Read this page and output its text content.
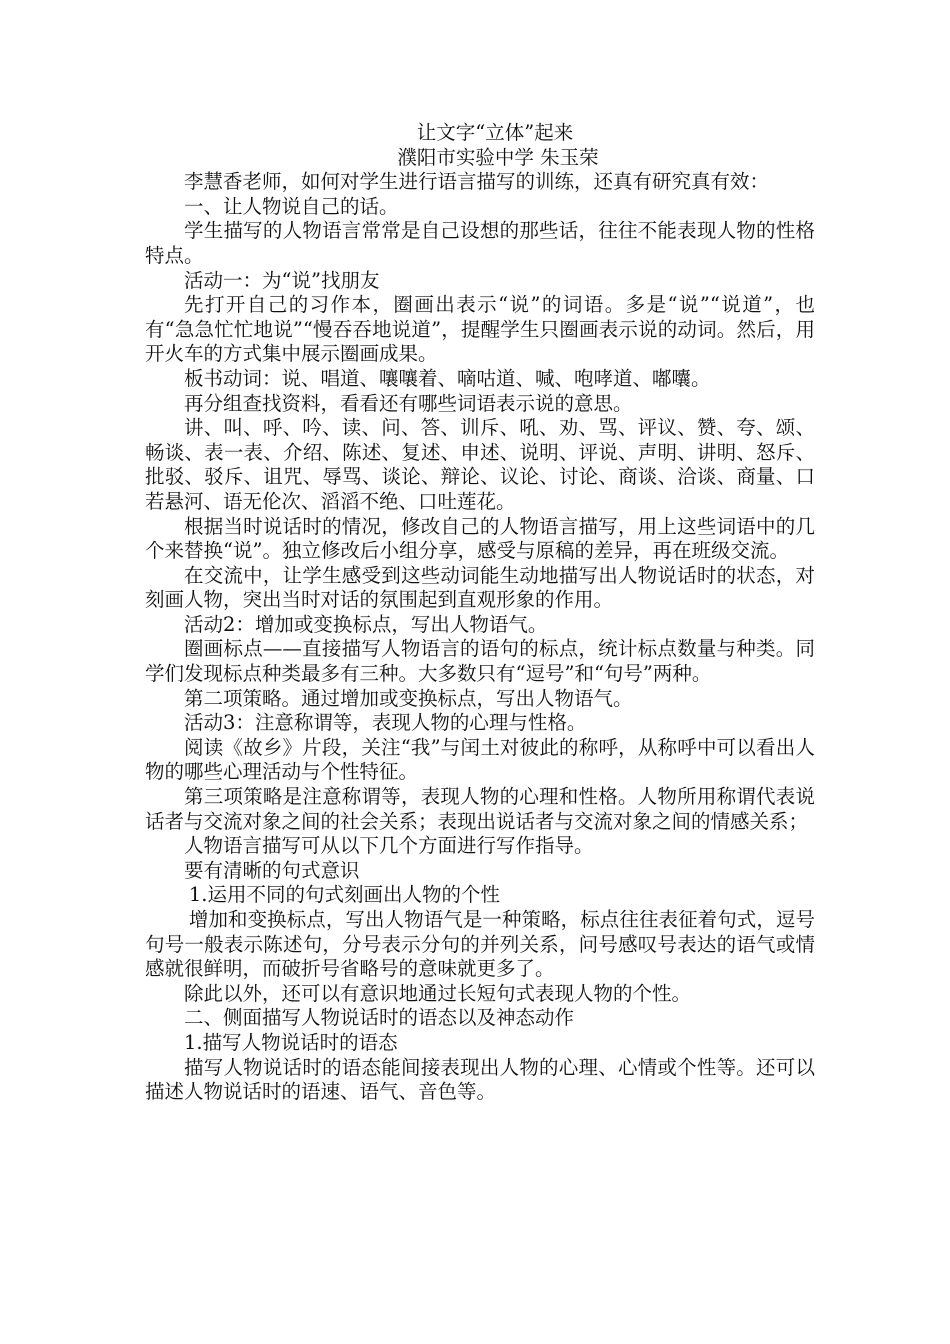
让文字“立体”起来
濮阳市实验中学 朱玉荣

李慧香老师，如何对学生进行语言描写的训练，还真有研究真有效：

一、让人物说自己的话。

学生描写的人物语言常常是自己设想的那些话，往往不能表现人物的性格特点。

活动一：为“说”找朋友

先打开自己的习作本，圈画出表示“说”的词语。多是“说”“说道”，也有“急急忙忙地说”“慢吞吞地说道”，提醒学生只圈画表示说的动词。然后，用开火车的方式集中展示圈画成果。

板书动词：说、唱道、嚷嚷着、嘀咕道、喊、咆哮道、嘟囔。

再分组查找资料，看看还有哪些词语表示说的意思。

讲、叫、呼、吟、读、问、答、训斥、吼、劝、骂、评议、赞、夸、颂、畅谈、表一表、介绍、陈述、复述、申述、说明、评说、声明、讲明、怒斥、批驳、驳斥、诅咒、辱骂、谈论、辩论、议论、讨论、商谈、洽谈、商量、口若悬河、语无伦次、滔滔不绝、口吐莲花。

根据当时说话时的情况，修改自己的人物语言描写，用上这些词语中的几个来替换“说”。独立修改后小组分享，感受与原稿的差异，再在班级交流。

在交流中，让学生感受到这些动词能生动地描写出人物说话时的状态，对刻画人物，突出当时对话的氛围起到直观形象的作用。

活动2：增加或变换标点，写出人物语气。

圈画标点——直接描写人物语言的语句的标点，统计标点数量与种类。同学们发现标点种类最多有三种。大多数只有“逗号”和“句号”两种。

第二项策略。通过增加或变换标点，写出人物语气。

活动3：注意称谓等，表现人物的心理与性格。

阅读《故乡》片段，关注“我”与闰土对彼此的称呼，从称呼中可以看出人物的哪些心理活动与个性特征。

第三项策略是注意称谓等，表现人物的心理和性格。人物所用称谓代表说话者与交流对象之间的社会关系；表现出说话者与交流对象之间的情感关系；

人物语言描写可从以下几个方面进行写作指导。

要有清晰的句式意识

1.运用不同的句式刻画出人物的个性

增加和变换标点，写出人物语气是一种策略，标点往往表征着句式，逗号句号一般表示陈述句，分号表示分句的并列关系，问号感叹号表达的语气或情感就很鲜明，而破折号省略号的意味就更多了。

除此以外，还可以有意识地通过长短句式表现人物的个性。

二、侧面描写人物说话时的语态以及神态动作

1.描写人物说话时的语态

描写人物说话时的语态能间接表现出人物的心理、心情或个性等。还可以描述人物说话时的语速、语气、音色等。
